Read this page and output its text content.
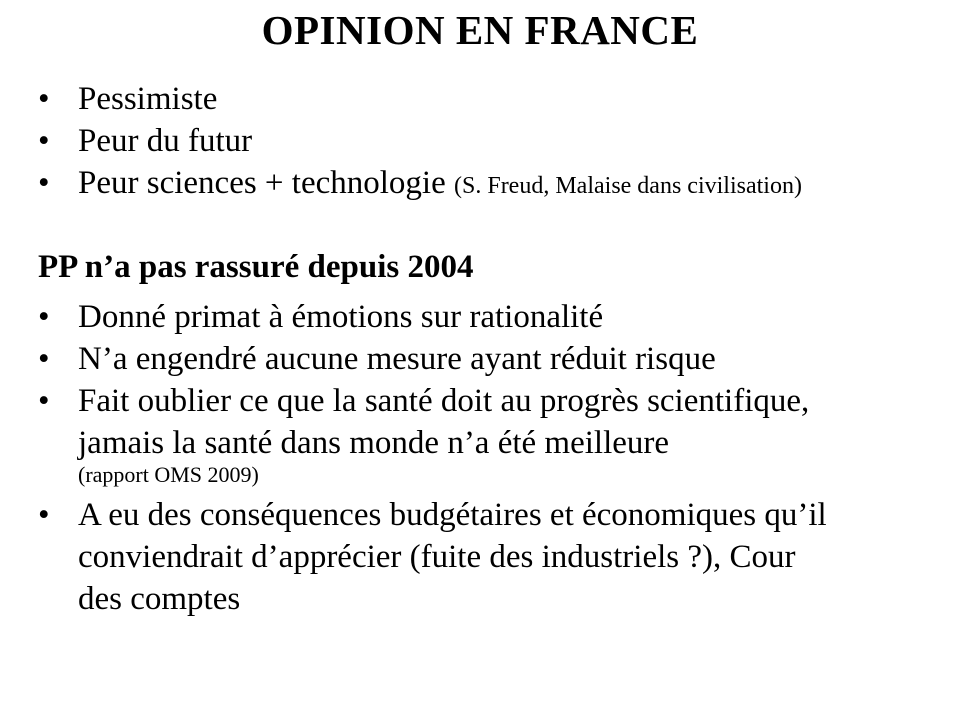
OPINION EN FRANCE
• Pessimiste
• Peur du futur
• Peur sciences + technologie (S. Freud, Malaise dans civilisation)
PP n’a pas rassuré depuis 2004
• Donné primat à émotions sur rationalité
• N’a engendré aucune mesure ayant réduit risque
• Fait oublier ce que la santé doit au progrès scientifique,
jamais la santé dans monde n’a été meilleure
(rapport OMS 2009)
• A eu des conséquences budgétaires et économiques qu’il
conviendrait d’apprécier (fuite des industriels ?), Cour
des comptes
